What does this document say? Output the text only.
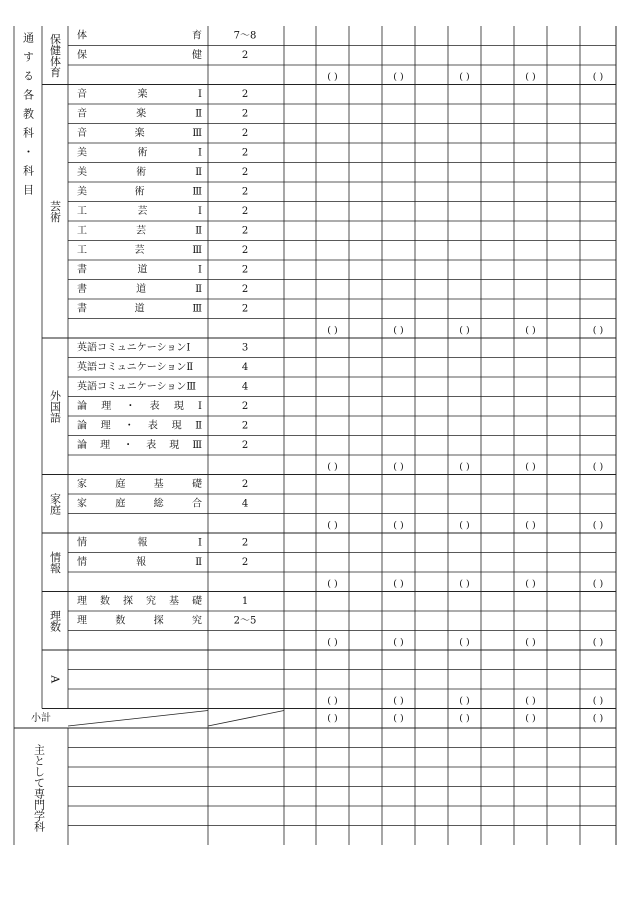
体育	7～8
保健	2
( )	( )	( )	( )	( )
保健体育
音楽Ⅰ	2
音楽Ⅱ	2
音楽Ⅲ	2
美術Ⅰ	2
美術Ⅱ	2
美術Ⅲ	2
工芸Ⅰ	2
工芸Ⅱ	2
工芸Ⅲ	2
書道Ⅰ	2
書道Ⅱ	2
書道Ⅲ	2
( )	( )	( )	( )	( )
芸術
英語コミュニケーションⅠ	3
英語コミュニケーションⅡ	4
英語コミュニケーションⅢ	4
論理・表現Ⅰ	2
論理・表現Ⅱ	2
論理・表現Ⅲ	2
( )	( )	( )	( )	( )
外国語
家庭基礎	2
家庭総合	4
( )	( )	( )	( )	( )
家庭
情報Ⅰ	2
情報Ⅱ	2
( )	( )	( )	( )	( )
情報
理数探究基礎	1
理数探究	2～5
( )	( )	( )	( )	( )
理数
( )	( )	( )	( )	( )
A
小計	( )	( )	( )	( )	( )
通する各教科・科目
主として専門学科
